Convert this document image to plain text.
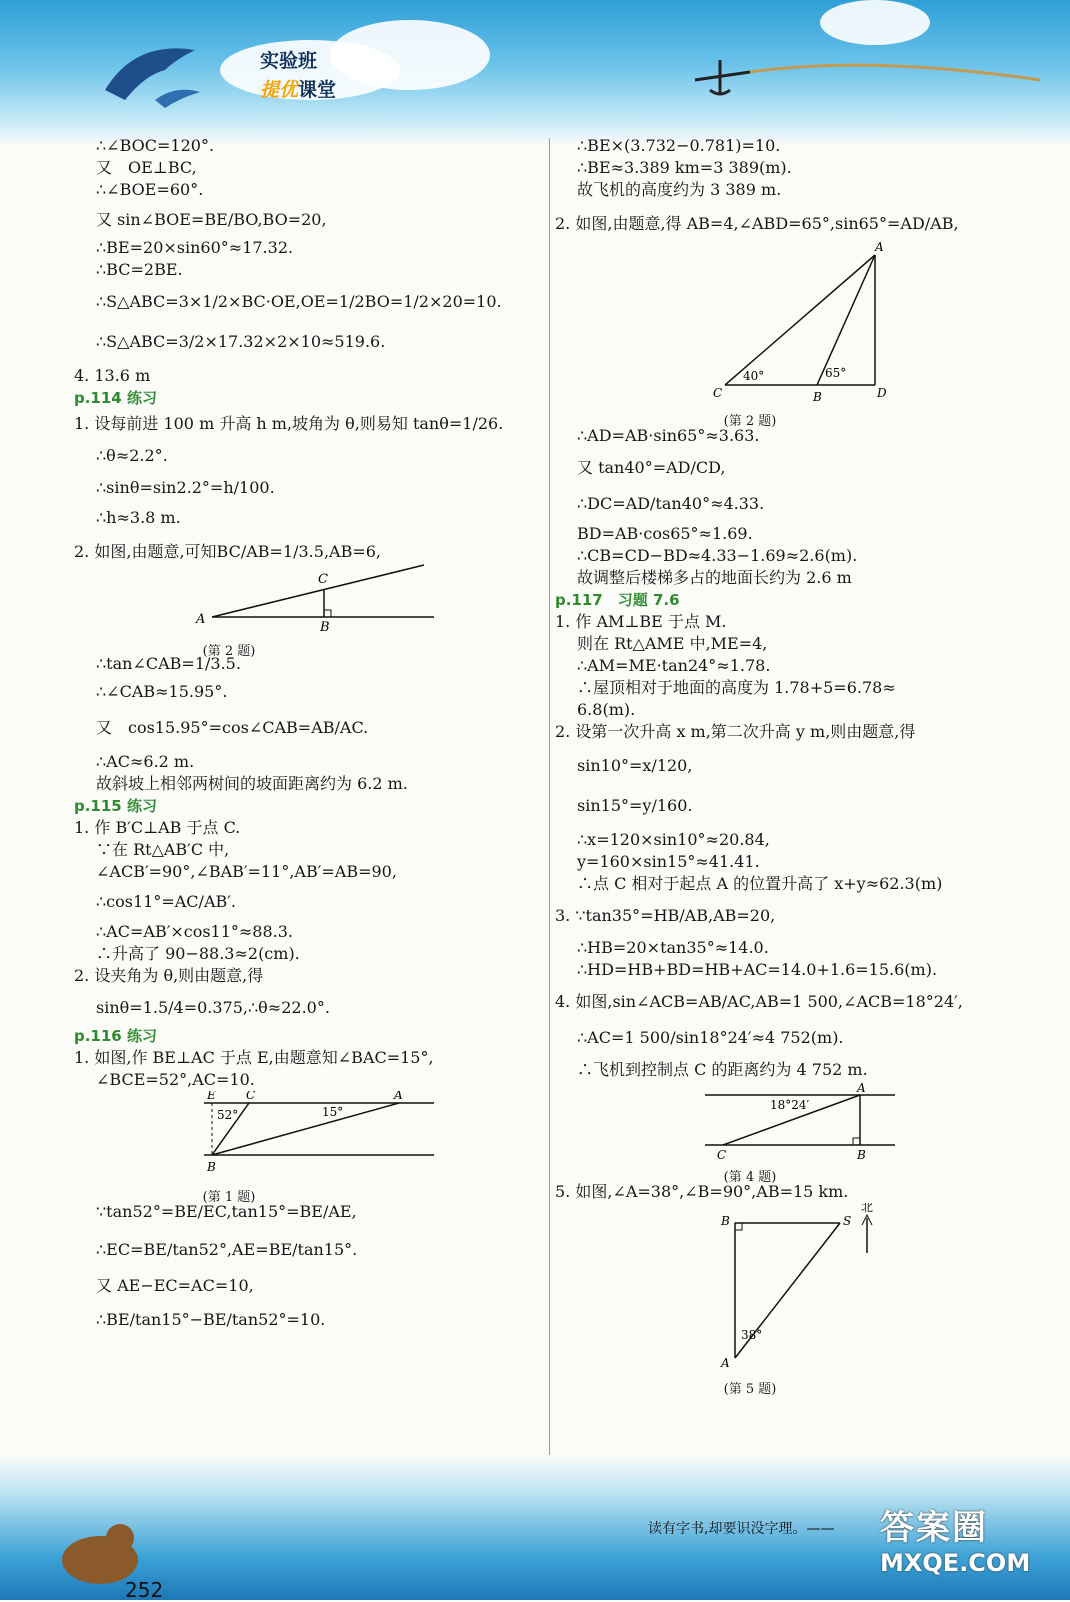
实验班
提优课堂

∴∠BOC=120°.

又　OE⊥BC,

∴∠BOE=60°.

又 sin∠BOE=BE/BO,BO=20,

∴BE=20×sin60°≈17.32.

∴BC=2BE.

∴S△ABC=3×1/2×BC·OE,OE=1/2BO=1/2×20=10.

∴S△ABC=3/2×17.32×2×10≈519.6.

4. 13.6 m

p.114 练习

1. 设每前进 100 m 升高 h m,坡角为 θ,则易知 tanθ=1/26.

∴θ≈2.2°.

∴sinθ=sin2.2°=h/100.

∴h≈3.8 m.

2. 如图,由题意,可知BC/AB=1/3.5,AB=6,

A
B
C
(第 2 题)

∴tan∠CAB=1/3.5.

∴∠CAB≈15.95°.

又　cos15.95°=cos∠CAB=AB/AC.

∴AC≈6.2 m.

故斜坡上相邻两树间的坡面距离约为 6.2 m.

p.115 练习

1. 作 B′C⊥AB 于点 C.

∵在 Rt△AB′C 中,

∠ACB′=90°,∠BAB′=11°,AB′=AB=90,

∴cos11°=AC/AB′.

∴AC=AB′×cos11°≈88.3.

∴升高了 90−88.3≈2(cm).

2. 设夹角为 θ,则由题意,得

sinθ=1.5/4=0.375,∴θ≈22.0°.

p.116 练习

1. 如图,作 BE⊥AC 于点 E,由题意知∠BAC=15°,

∠BCE=52°,AC=10.

E	C	A
B
52°	15°
(第 1 题)

∵tan52°=BE/EC,tan15°=BE/AE,

∴EC=BE/tan52°,AE=BE/tan15°.

又 AE−EC=AC=10,

∴BE/tan15°−BE/tan52°=10.

∴BE×(3.732−0.781)=10.

∴BE≈3.389 km=3 389(m).

故飞机的高度约为 3 389 m.

2. 如图,由题意,得 AB=4,∠ABD=65°,sin65°=AD/AB,

A
B
C	D
40°	65°
(第 2 题)

∴AD=AB·sin65°≈3.63.

又 tan40°=AD/CD,

∴DC=AD/tan40°≈4.33.

BD=AB·cos65°≈1.69.

∴CB=CD−BD≈4.33−1.69≈2.6(m).

故调整后楼梯多占的地面长约为 2.6 m

p.117　习题 7.6

1. 作 AM⊥BE 于点 M.

则在 Rt△AME 中,ME=4,

∴AM=ME·tan24°≈1.78.

∴屋顶相对于地面的高度为 1.78+5=6.78≈

6.8(m).

2. 设第一次升高 x m,第二次升高 y m,则由题意,得

sin10°=x/120,

sin15°=y/160.

∴x=120×sin10°≈20.84,

y=160×sin15°≈41.41.

∴点 C 相对于起点 A 的位置升高了 x+y≈62.3(m)

3. ∵tan35°=HB/AB,AB=20,

∴HB=20×tan35°≈14.0.

∴HD=HB+BD=HB+AC=14.0+1.6=15.6(m).

4. 如图,sin∠ACB=AB/AC,AB=1 500,∠ACB=18°24′,

∴AC=1 500/sin18°24′≈4 752(m).

∴飞机到控制点 C 的距离约为 4 752 m.

A
B
C
18°24′
(第 4 题)

5. 如图,∠A=38°,∠B=90°,AB=15 km.

B
A
S
北
38°
(第 5 题)
252
读有字书,却要识没字理。—— 答案圈
MXQE.COM
